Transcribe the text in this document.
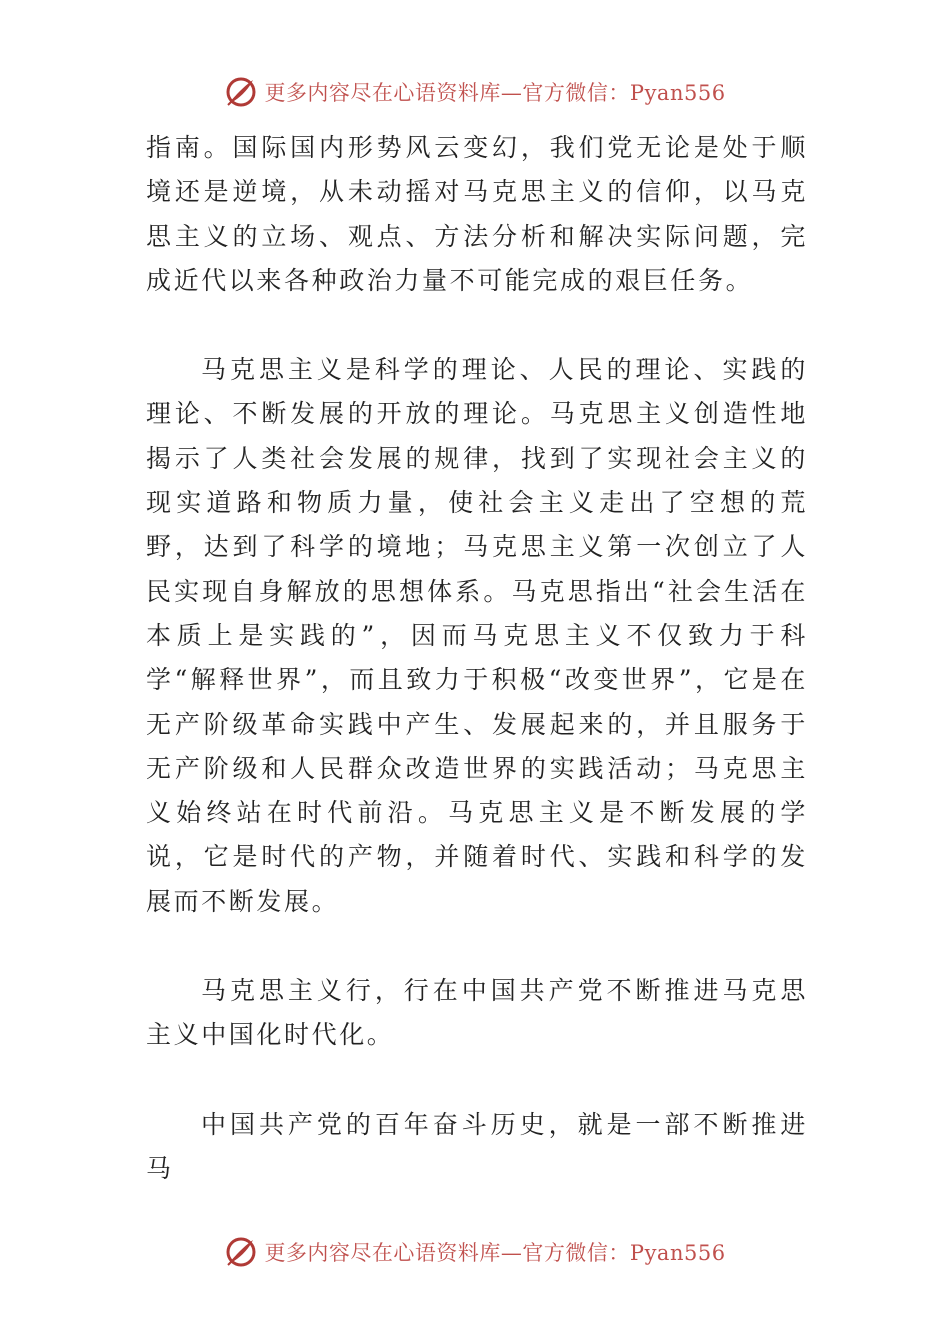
更多内容尽在心语资料库—官方微信：Pyan556

指南。国际国内形势风云变幻，我们党无论是处于顺境还是逆境，从未动摇对马克思主义的信仰，以马克思主义的立场、观点、方法分析和解决实际问题，完成近代以来各种政治力量不可能完成的艰巨任务。

马克思主义是科学的理论、人民的理论、实践的理论、不断发展的开放的理论。马克思主义创造性地揭示了人类社会发展的规律，找到了实现社会主义的现实道路和物质力量，使社会主义走出了空想的荒野，达到了科学的境地；马克思主义第一次创立了人民实现自身解放的思想体系。马克思指出“社会生活在本质上是实践的”，因而马克思主义不仅致力于科学“解释世界”，而且致力于积极“改变世界”，它是在无产阶级革命实践中产生、发展起来的，并且服务于无产阶级和人民群众改造世界的实践活动；马克思主义始终站在时代前沿。马克思主义是不断发展的学说，它是时代的产物，并随着时代、实践和科学的发展而不断发展。

马克思主义行，行在中国共产党不断推进马克思主义中国化时代化。

中国共产党的百年奋斗历史，就是一部不断推进马

更多内容尽在心语资料库—官方微信：Pyan556
